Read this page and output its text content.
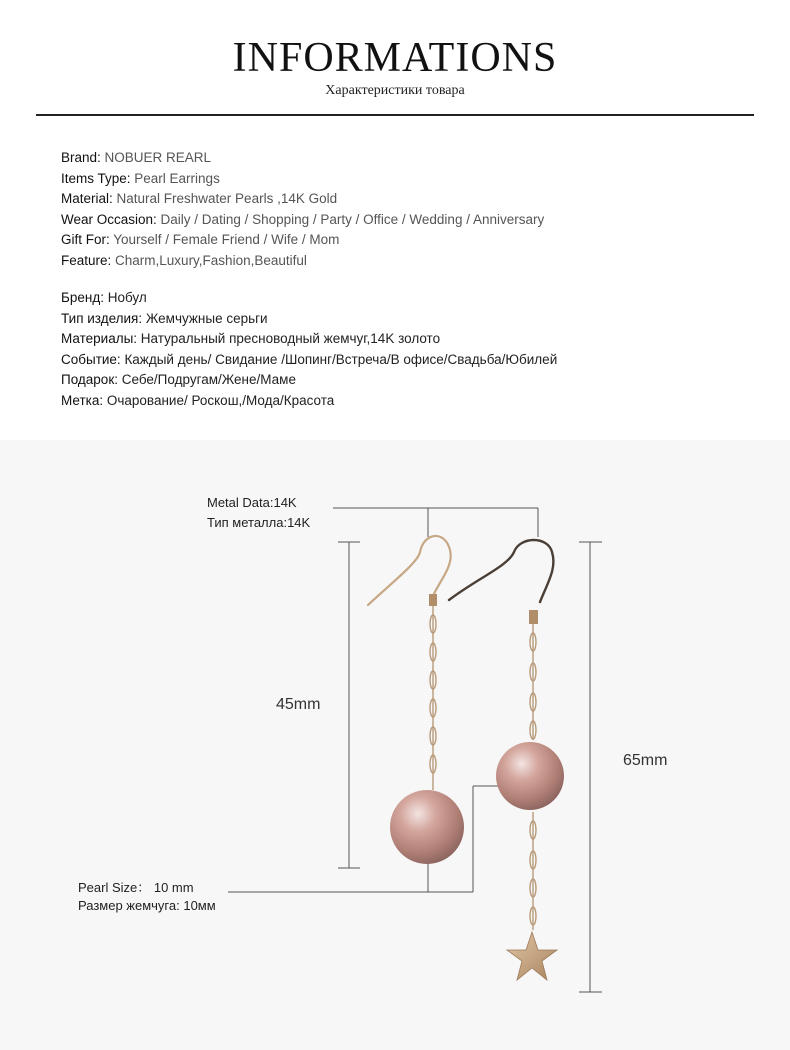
INFORMATIONS
Характеристики товара
Brand: NOBUER REARL
Items Type: Pearl Earrings
Material: Natural Freshwater Pearls ,14K Gold
Wear Occasion: Daily / Dating / Shopping / Party / Office / Wedding / Anniversary
Gift For: Yourself / Female Friend / Wife / Mom
Feature: Charm,Luxury,Fashion,Beautiful
Бренд: Нобул
Тип изделия: Жемчужные серьги
Материалы: Натуральный пресноводный жемчуг,14K золото
Событие: Каждый день/ Свидание /Шопинг/Встреча/В офисе/Свадьба/Юбилей
Подарок: Себе/Подругам/Жене/Маме
Метка: Очарование/ Роскош,/Мода/Красота
Metal Data:14K
Тип металла:14K
45mm
65mm
Pearl Size： 10 mm
Размер жемчуга: 10мм
